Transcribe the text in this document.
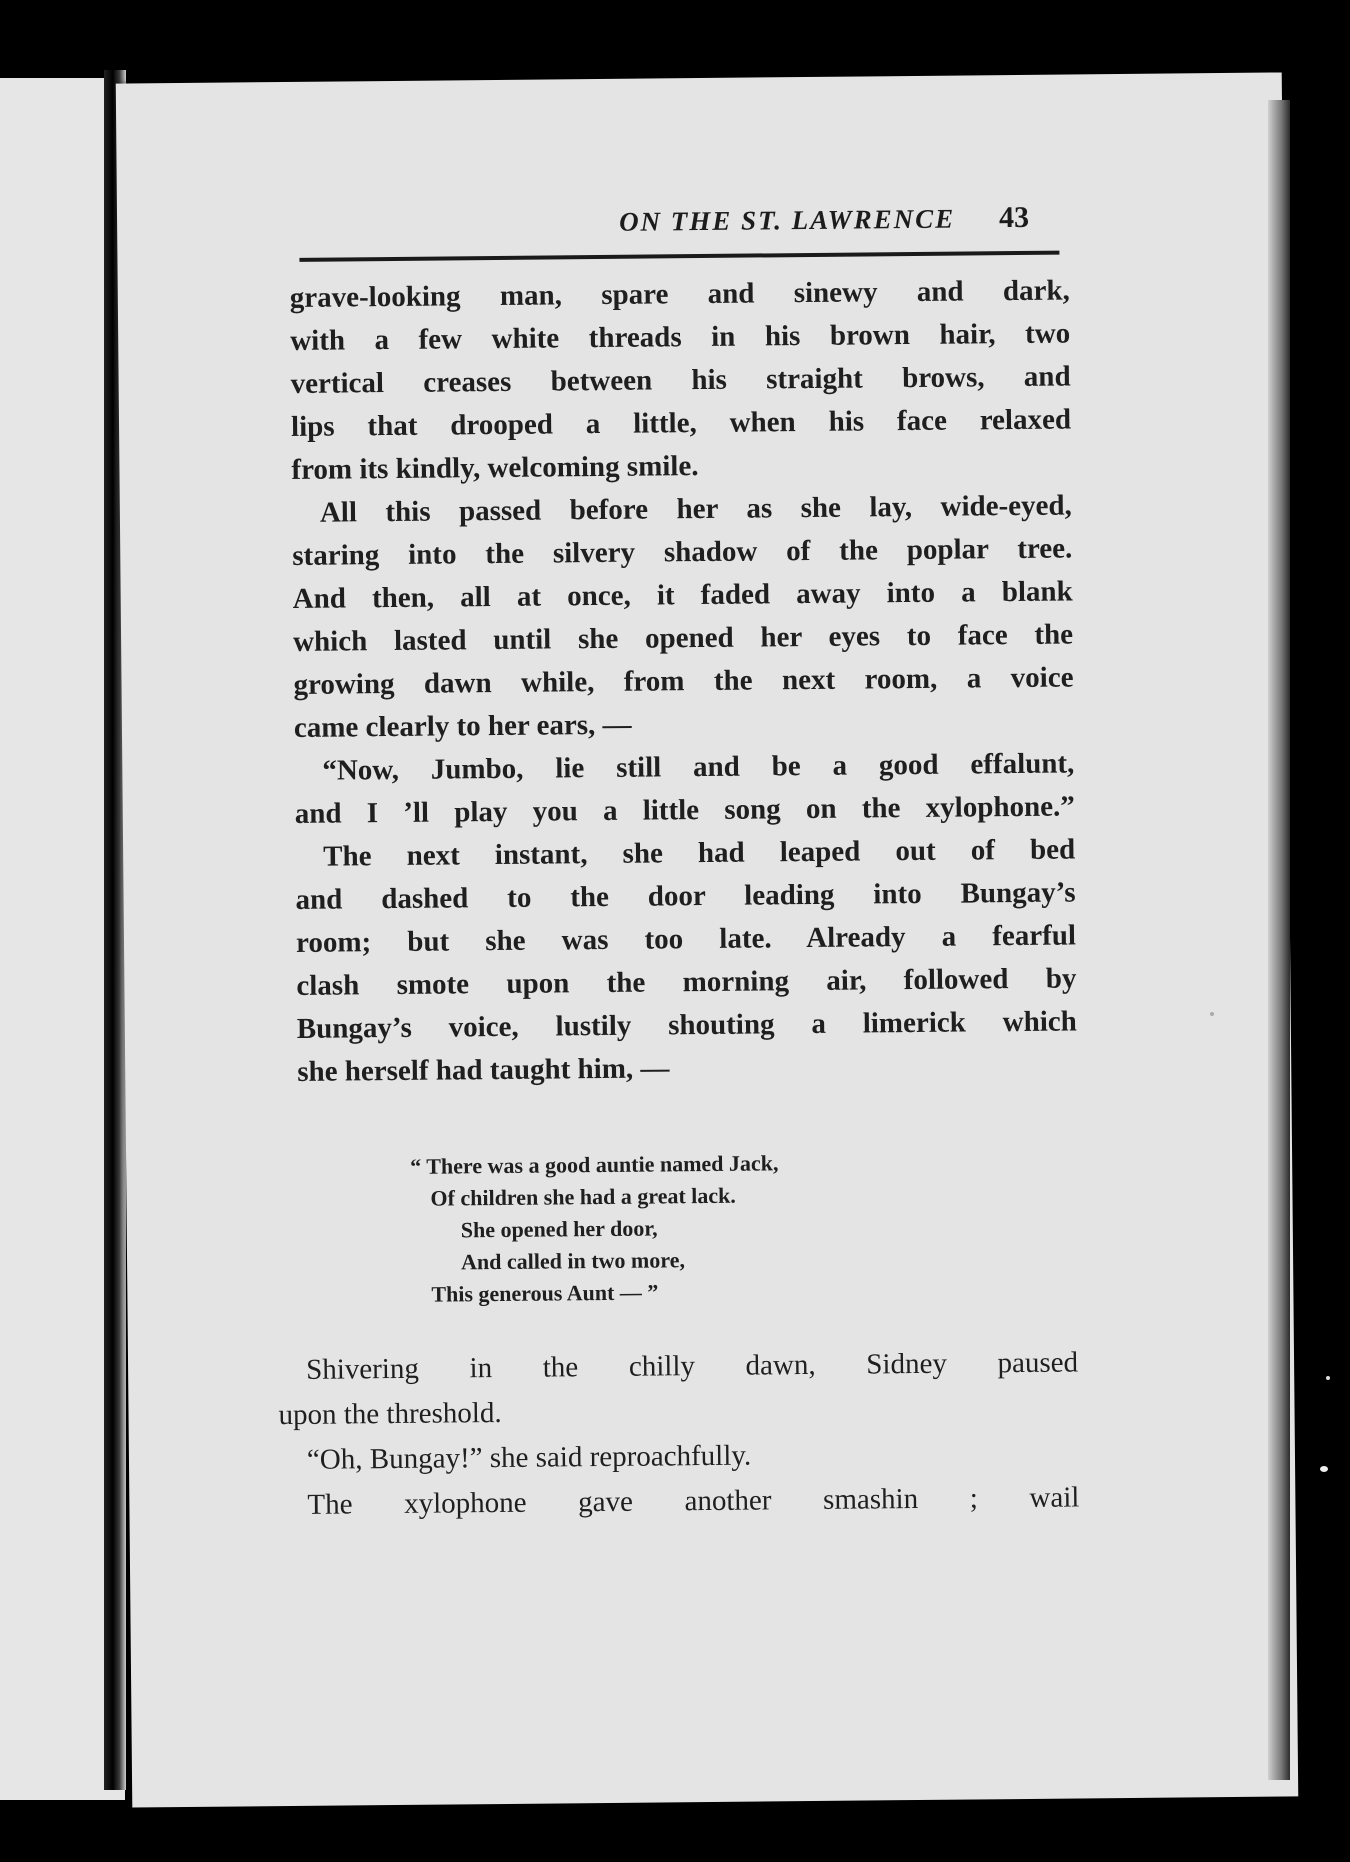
ON THE ST. LAWRENCE 43

grave-looking man, spare and sinewy and dark,
with a few white threads in his brown hair, two
vertical creases between his straight brows, and
lips that drooped a little, when his face relaxed
from its kindly, welcoming smile.

All this passed before her as she lay, wide-eyed,
staring into the silvery shadow of the poplar tree.
And then, all at once, it faded away into a blank
which lasted until she opened her eyes to face the
growing dawn while, from the next room, a voice
came clearly to her ears, —

“Now, Jumbo, lie still and be a good effalunt,
and I ’ll play you a little song on the xylophone.”

The next instant, she had leaped out of bed
and dashed to the door leading into Bungay’s
room; but she was too late. Already a fearful
clash smote upon the morning air, followed by
Bungay’s voice, lustily shouting a limerick which
she herself had taught him, —

“ There was a good auntie named Jack,
Of children she had a great lack.
She opened her door,
And called in two more,
This generous Aunt — ”

Shivering in the chilly dawn, Sidney paused
upon the threshold.

“Oh, Bungay!” she said reproachfully.

The xylophone gave another smashin ; wail
